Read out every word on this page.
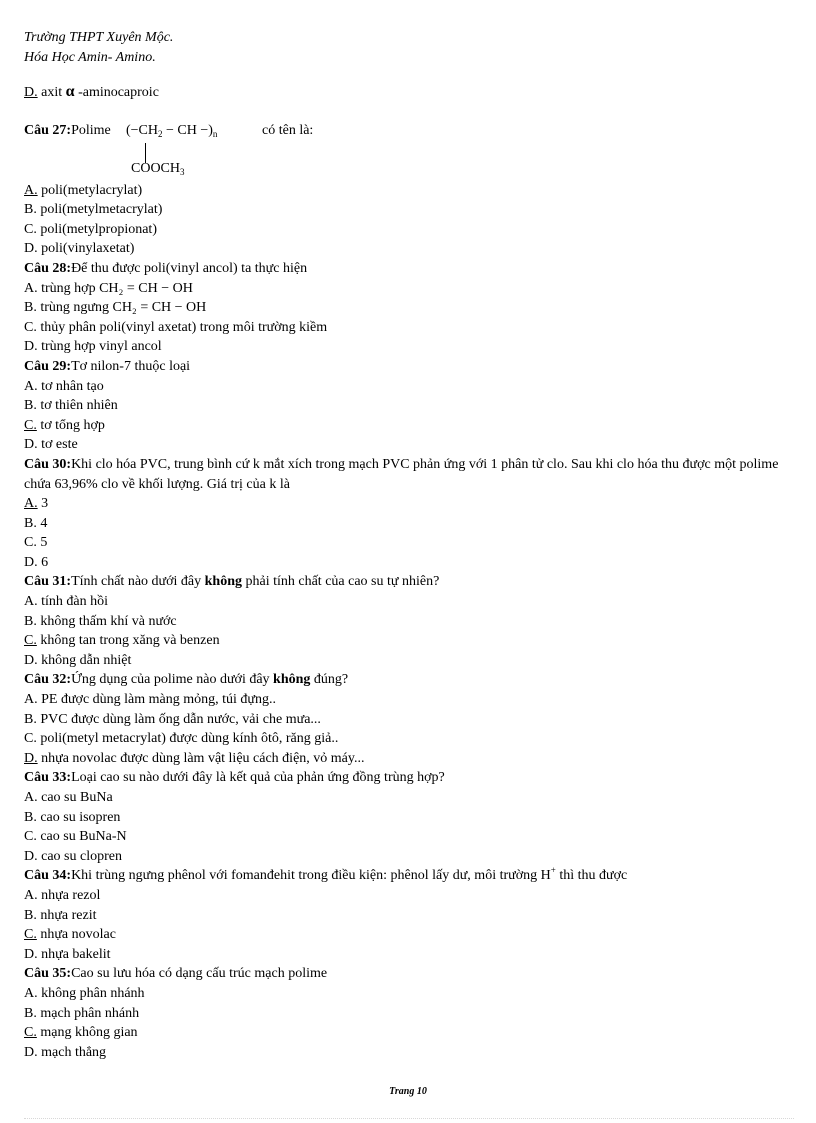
Trường THPT Xuyên Mộc.
Hóa Học Amin- Amino.
D. axit α -aminocaproic
Câu 27:Polime ($-CH_2$ − CH $-)_n$	có tên là:
$COOCH_3$
A. poli(metylacrylat)
B. poli(metylmetacrylat)
C. poli(metylpropionat)
D. poli(vinylaxetat)
Câu 28:Để thu được poli(vinyl ancol) ta thực hiện
A. trùng hợp CH₂ = CH − OH
B. trùng ngưng CH₂ = CH − OH
C. thủy phân poli(vinyl axetat) trong môi trường kiềm
D. trùng hợp vinyl ancol
Câu 29:Tơ nilon-7 thuộc loại
A. tơ nhân tạo
B. tơ thiên nhiên
C. tơ tổng hợp
D. tơ este
Câu 30:Khi clo hóa PVC, trung bình cứ k mắt xích trong mạch PVC phản ứng với 1 phân tử clo. Sau khi clo hóa thu được một polime chứa 63,96% clo về khối lượng. Giá trị của k là
A. 3
B. 4
C. 5
D. 6
Câu 31:Tính chất nào dưới đây không phải tính chất của cao su tự nhiên?
A. tính đàn hồi
B. không thấm khí và nước
C. không tan trong xăng và benzen
D. không dẫn nhiệt
Câu 32:Ứng dụng của polime nào dưới đây không đúng?
A. PE được dùng làm màng mỏng, túi đựng..
B. PVC được dùng làm ống dẫn nước, vải che mưa...
C. poli(metyl metacrylat) được dùng kính ôtô, răng giả..
D. nhựa novolac được dùng làm vật liệu cách điện, vỏ máy...
Câu 33:Loại cao su nào dưới đây là kết quả của phản ứng đồng trùng hợp?
A. cao su BuNa
B. cao su isopren
C. cao su BuNa-N
D. cao su clopren
Câu 34:Khi trùng ngưng phênol với fomanđehit trong điều kiện: phênol lấy dư, môi trường H+ thì thu được
A. nhựa rezol
B. nhựa rezit
C. nhựa novolac
D. nhựa bakelit
Câu 35:Cao su lưu hóa có dạng cấu trúc mạch polime
A. không phân nhánh
B. mạch phân nhánh
C. mạng không gian
D. mạch thẳng
Trang 10
